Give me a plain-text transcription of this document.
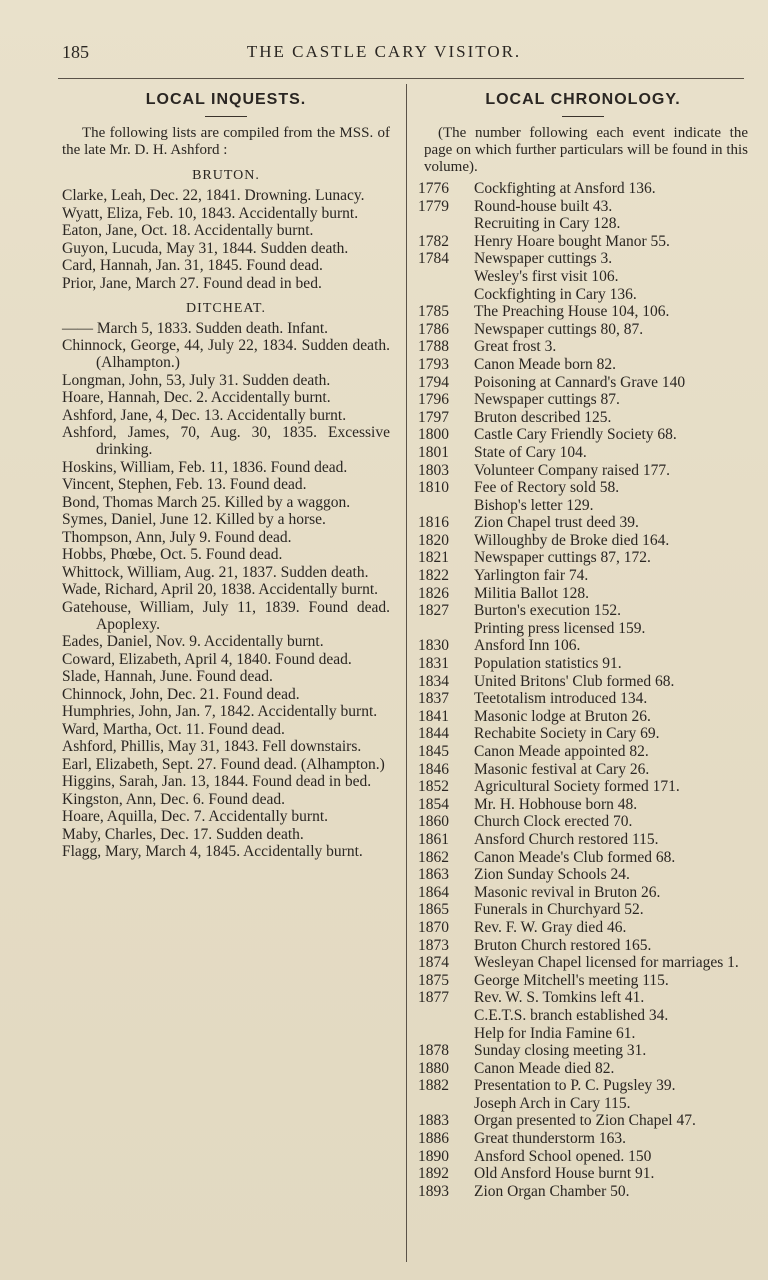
185	THE CASTLE CARY VISITOR.
LOCAL INQUESTS.

The following lists are compiled from the MSS. of the late Mr. D. H. Ashford :

BRUTON.
Clarke, Leah, Dec. 22, 1841. Drowning. Lunacy.
Wyatt, Eliza, Feb. 10, 1843. Accidentally burnt.
Eaton, Jane, Oct. 18. Accidentally burnt.
Guyon, Lucuda, May 31, 1844. Sudden death.
Card, Hannah, Jan. 31, 1845. Found dead.
Prior, Jane, March 27. Found dead in bed.
DITCHEAT.
—— March 5, 1833. Sudden death. Infant.
Chinnock, George, 44, July 22, 1834. Sudden death. (Alhampton.)
Longman, John, 53, July 31. Sudden death.
Hoare, Hannah, Dec. 2. Accidentally burnt.
Ashford, Jane, 4, Dec. 13. Accidentally burnt.
Ashford, James, 70, Aug. 30, 1835. Excessive drinking.
Hoskins, William, Feb. 11, 1836. Found dead.
Vincent, Stephen, Feb. 13. Found dead.
Bond, Thomas March 25. Killed by a waggon.
Symes, Daniel, June 12. Killed by a horse.
Thompson, Ann, July 9. Found dead.
Hobbs, Phœbe, Oct. 5. Found dead.
Whittock, William, Aug. 21, 1837. Sudden death.
Wade, Richard, April 20, 1838. Accidentally burnt.
Gatehouse, William, July 11, 1839. Found dead. Apoplexy.
Eades, Daniel, Nov. 9. Accidentally burnt.
Coward, Elizabeth, April 4, 1840. Found dead.
Slade, Hannah, June. Found dead.
Chinnock, John, Dec. 21. Found dead.
Humphries, John, Jan. 7, 1842. Accidentally burnt.
Ward, Martha, Oct. 11. Found dead.
Ashford, Phillis, May 31, 1843. Fell downstairs.
Earl, Elizabeth, Sept. 27. Found dead. (Alhampton.)
Higgins, Sarah, Jan. 13, 1844. Found dead in bed.
Kingston, Ann, Dec. 6. Found dead.
Hoare, Aquilla, Dec. 7. Accidentally burnt.
Maby, Charles, Dec. 17. Sudden death.
Flagg, Mary, March 4, 1845. Accidentally burnt.
LOCAL CHRONOLOGY.

(The number following each event indicate the page on which further particulars will be found in this volume).

1776	Cockfighting at Ansford 136.
1779	Round-house built 43.
Recruiting in Cary 128.
1782	Henry Hoare bought Manor 55.
1784	Newspaper cuttings 3.
Wesley's first visit 106.
Cockfighting in Cary 136.
1785	The Preaching House 104, 106.
1786	Newspaper cuttings 80, 87.
1788	Great frost 3.
1793	Canon Meade born 82.
1794	Poisoning at Cannard's Grave 140
1796	Newspaper cuttings 87.
1797	Bruton described 125.
1800	Castle Cary Friendly Society 68.
1801	State of Cary 104.
1803	Volunteer Company raised 177.
1810	Fee of Rectory sold 58.
Bishop's letter 129.
1816	Zion Chapel trust deed 39.
1820	Willoughby de Broke died 164.
1821	Newspaper cuttings 87, 172.
1822	Yarlington fair 74.
1826	Militia Ballot 128.
1827	Burton's execution 152.
Printing press licensed 159.
1830	Ansford Inn 106.
1831	Population statistics 91.
1834	United Britons' Club formed 68.
1837	Teetotalism introduced 134.
1841	Masonic lodge at Bruton 26.
1844	Rechabite Society in Cary 69.
1845	Canon Meade appointed 82.
1846	Masonic festival at Cary 26.
1852	Agricultural Society formed 171.
1854	Mr. H. Hobhouse born 48.
1860	Church Clock erected 70.
1861	Ansford Church restored 115.
1862	Canon Meade's Club formed 68.
1863	Zion Sunday Schools 24.
1864	Masonic revival in Bruton 26.
1865	Funerals in Churchyard 52.
1870	Rev. F. W. Gray died 46.
1873	Bruton Church restored 165.
1874	Wesleyan Chapel licensed for marriages 1.
1875	George Mitchell's meeting 115.
1877	Rev. W. S. Tomkins left 41.
C.E.T.S. branch established 34.
Help for India Famine 61.
1878	Sunday closing meeting 31.
1880	Canon Meade died 82.
1882	Presentation to P. C. Pugsley 39.
Joseph Arch in Cary 115.
1883	Organ presented to Zion Chapel 47.
1886	Great thunderstorm 163.
1890	Ansford School opened. 150
1892	Old Ansford House burnt 91.
1893	Zion Organ Chamber 50.
